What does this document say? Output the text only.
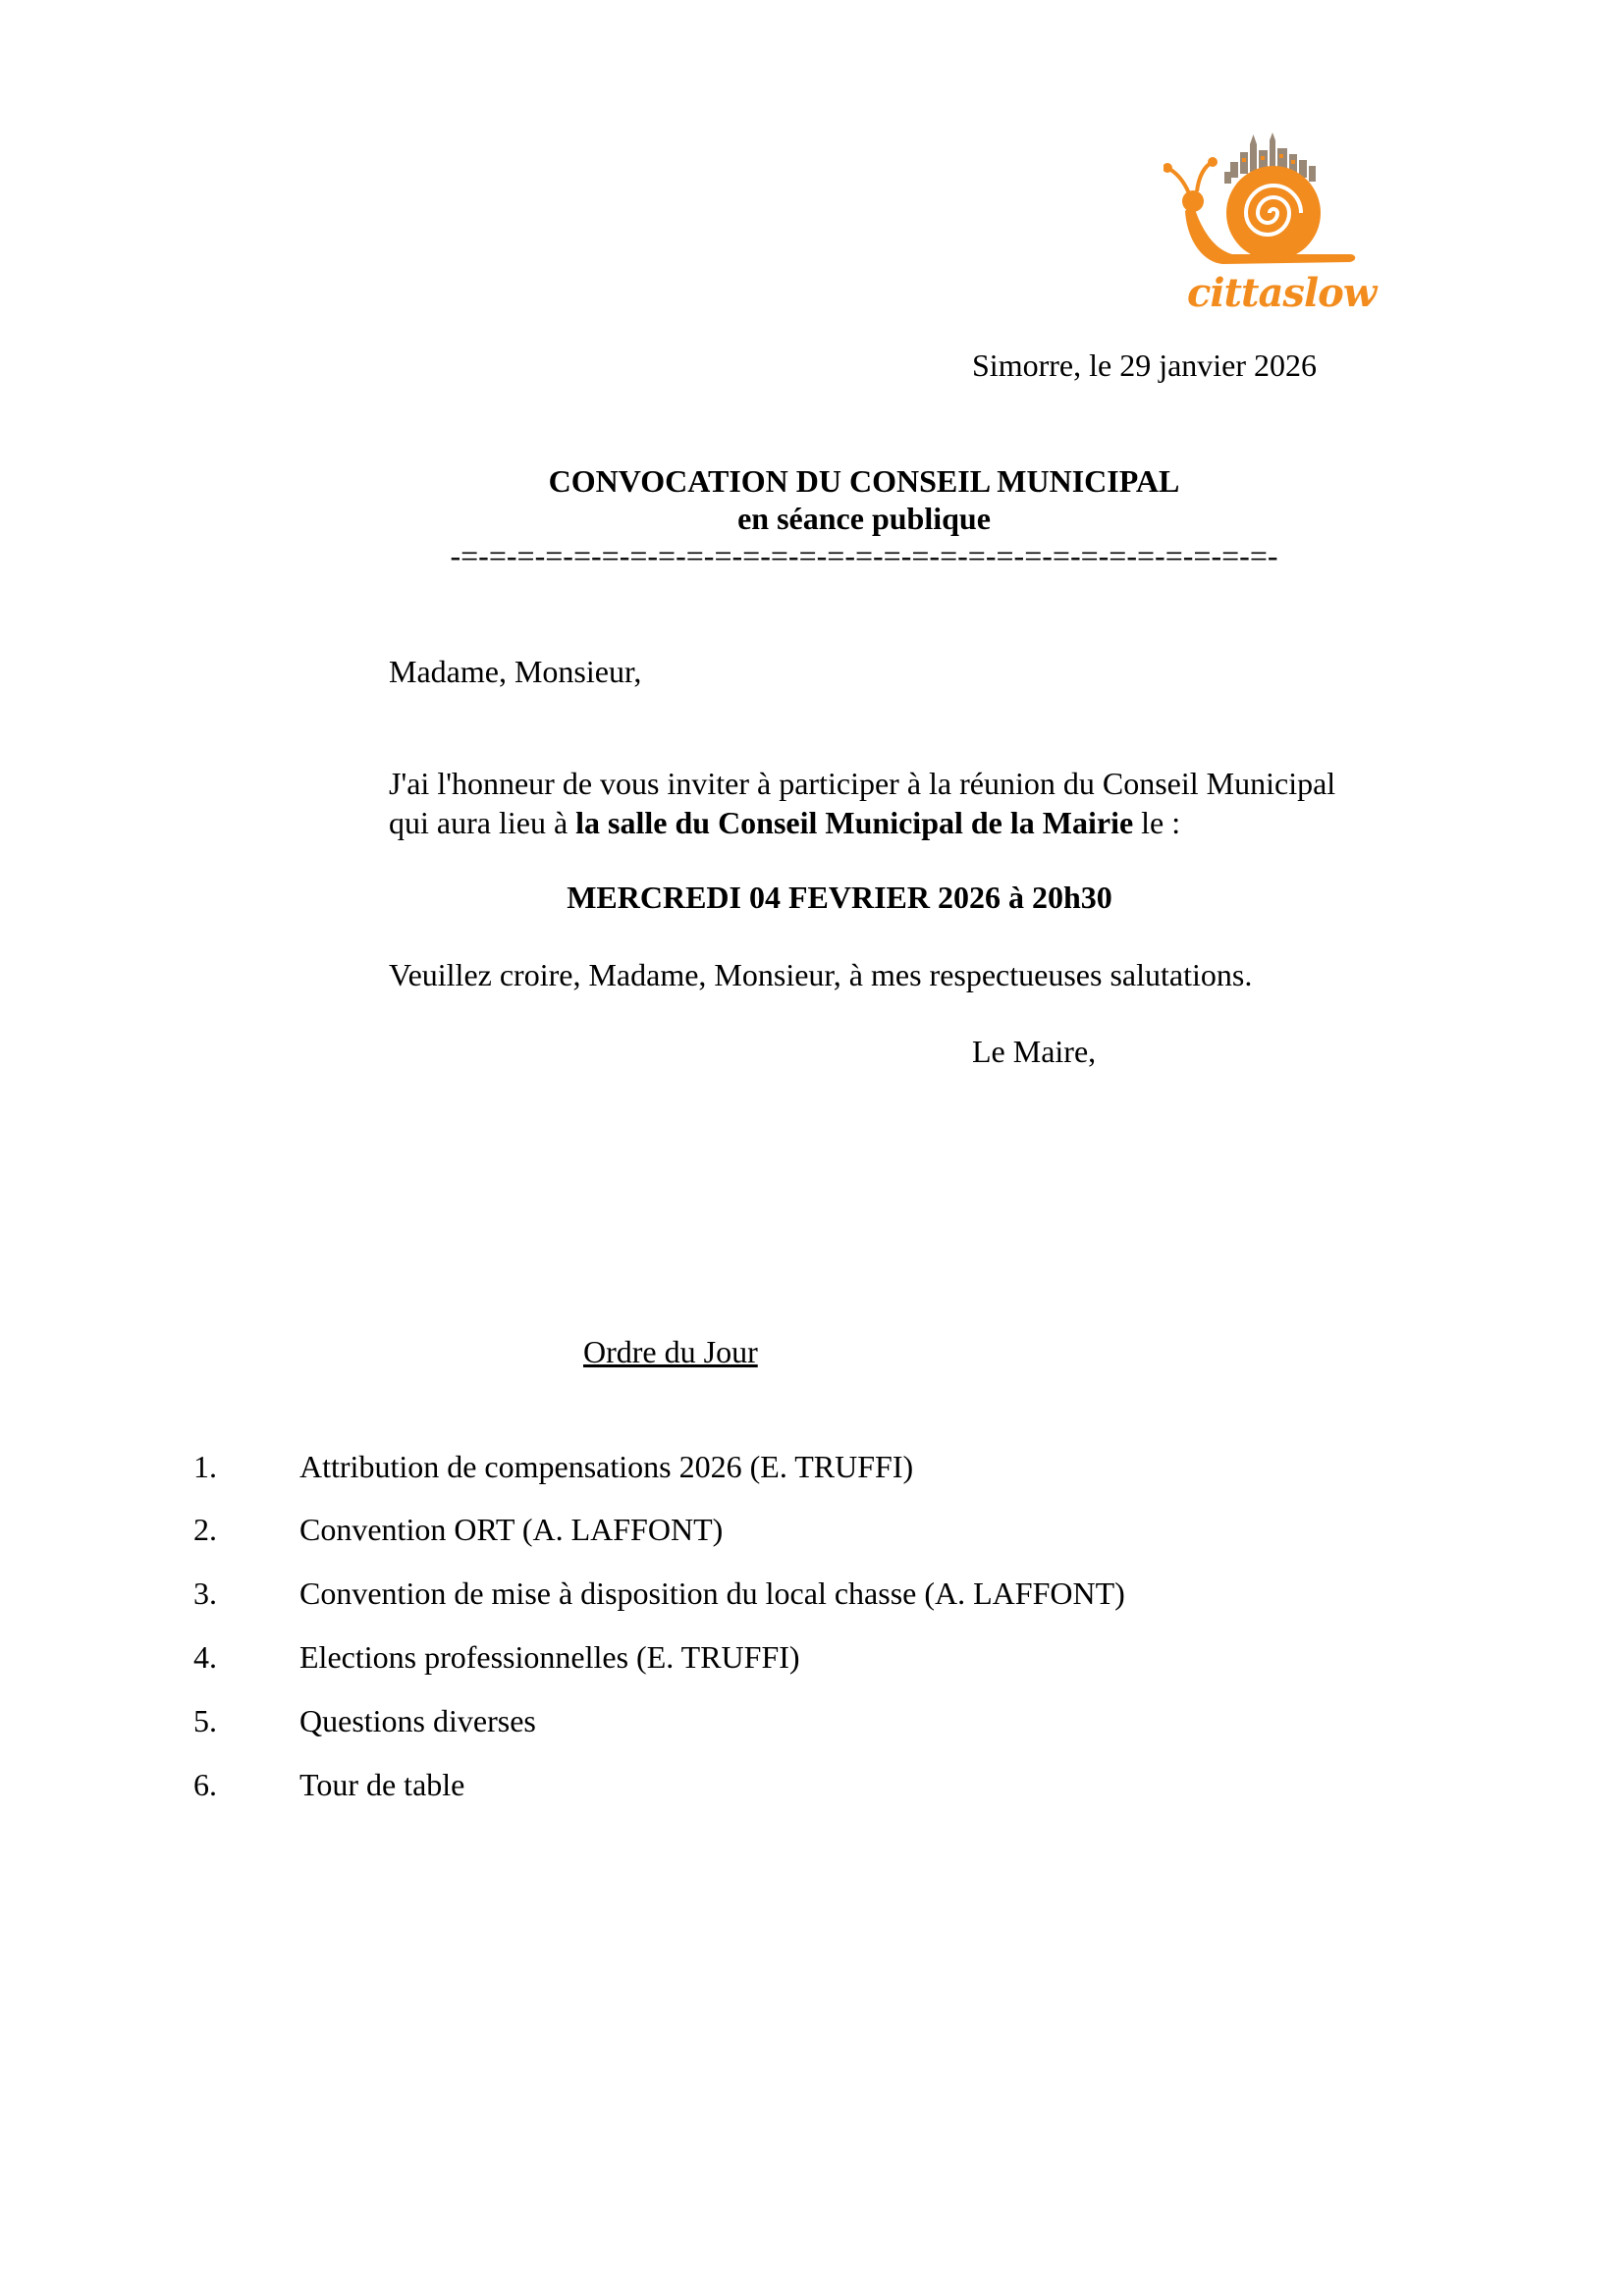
cittaslow
Simorre, le 29 janvier 2026
CONVOCATION DU CONSEIL MUNICIPAL
en séance publique
-=-=-=-=-=-=-=-=-=-=-=-=-=-=-=-=-=-=-=-=-=-=-=-=-=-=-=-=-=-
Madame, Monsieur,
J'ai l'honneur de vous inviter à participer à la réunion du Conseil Municipal
qui aura lieu à la salle du Conseil Municipal de la Mairie le :
MERCREDI 04 FEVRIER 2026 à 20h30
Veuillez croire, Madame, Monsieur, à mes respectueuses salutations.
Le Maire,
Ordre du Jour
1.	Attribution de compensations 2026 (E. TRUFFI)
2.	Convention ORT (A. LAFFONT)
3.	Convention de mise à disposition du local chasse (A. LAFFONT)
4.	Elections professionnelles (E. TRUFFI)
5.	Questions diverses
6.	Tour de table
